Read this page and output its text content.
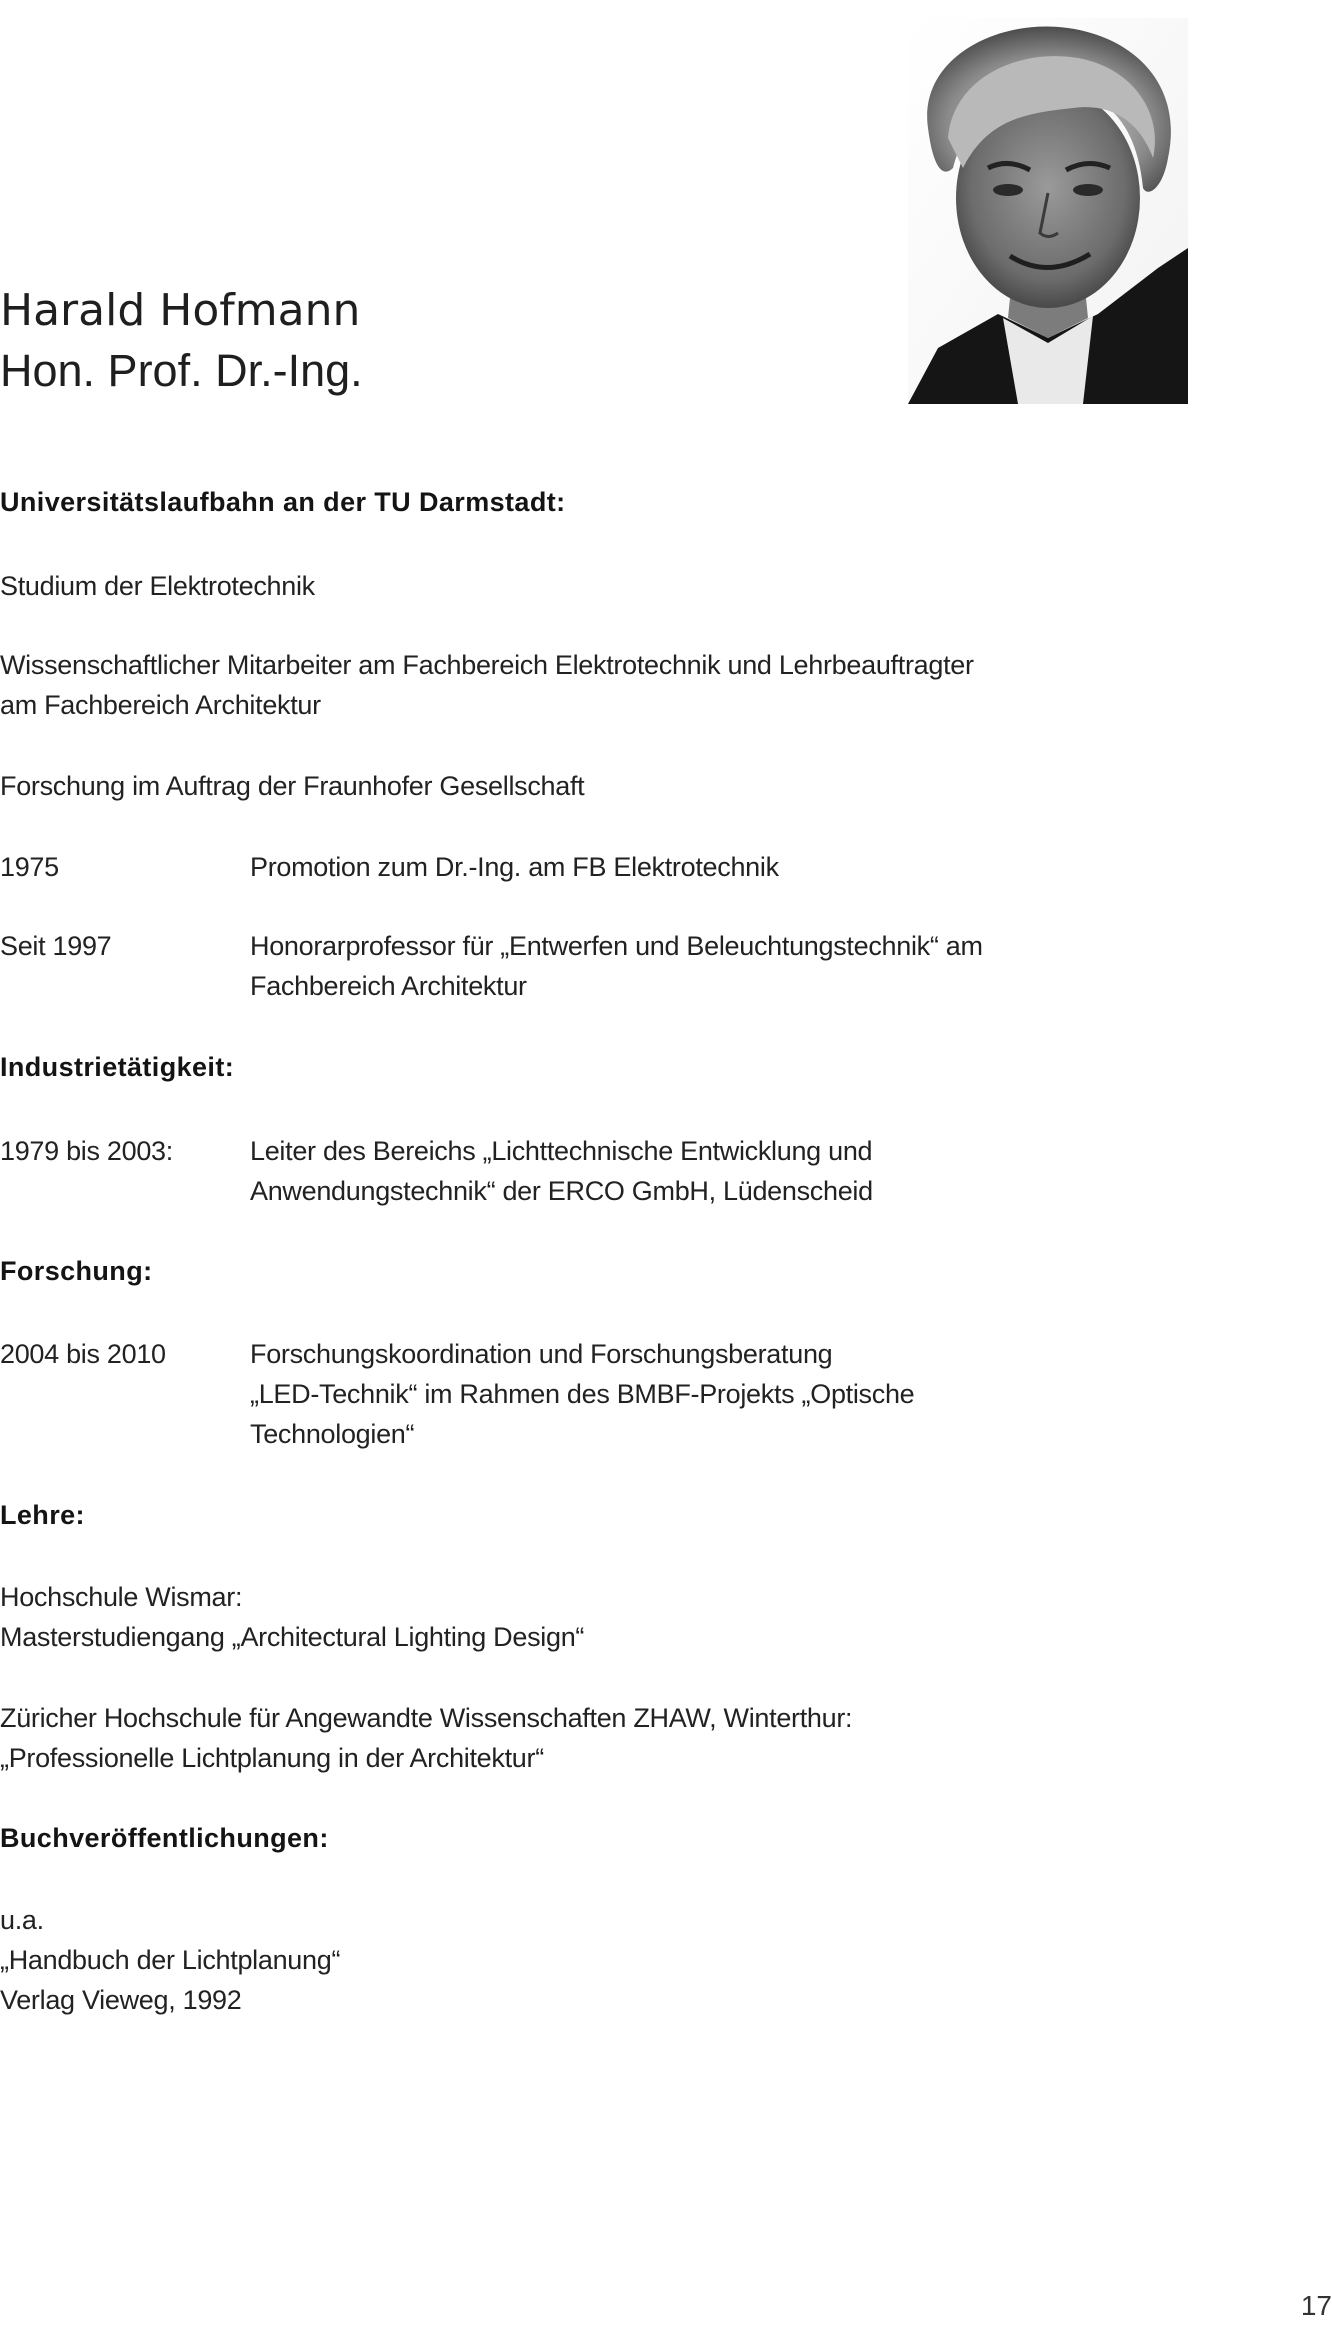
Harald Hofmann
Hon. Prof. Dr.-Ing.
Universitätslaufbahn an der TU Darmstadt:
Studium der Elektrotechnik
Wissenschaftlicher Mitarbeiter am Fachbereich Elektrotechnik und Lehrbeauftragter
am Fachbereich Architektur
Forschung im Auftrag der Fraunhofer Gesellschaft
1975	Promotion zum Dr.-Ing. am FB Elektrotechnik
Seit 1997	Honorarprofessor für „Entwerfen und Beleuchtungstechnik“ am
Fachbereich Architektur
Industrietätigkeit:
1979 bis 2003:	Leiter des Bereichs „Lichttechnische Entwicklung und
Anwendungstechnik“ der ERCO GmbH, Lüdenscheid
Forschung:
2004 bis 2010	Forschungskoordination und Forschungsberatung
„LED-Technik“ im Rahmen des BMBF-Projekts „Optische
Technologien“
Lehre:
Hochschule Wismar:
Masterstudiengang „Architectural Lighting Design“
Züricher Hochschule für Angewandte Wissenschaften ZHAW, Winterthur:
„Professionelle Lichtplanung in der Architektur“
Buchveröffentlichungen:
u.a.
„Handbuch der Lichtplanung“
Verlag Vieweg, 1992
17
